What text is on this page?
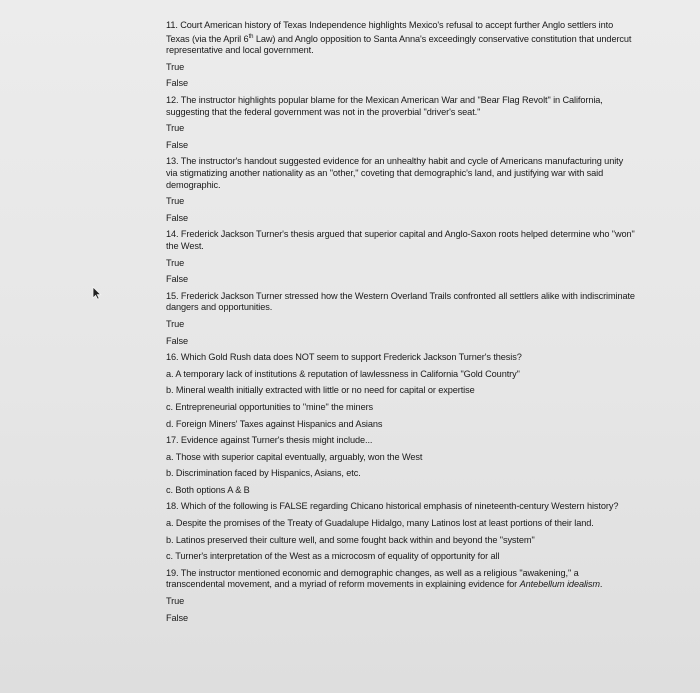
11. Court American history of Texas Independence highlights Mexico's refusal to accept further Anglo settlers into Texas (via the April 6th Law) and Anglo opposition to Santa Anna's exceedingly conservative constitution that undercut representative and local government.
True
False
12. The instructor highlights popular blame for the Mexican American War and "Bear Flag Revolt" in California, suggesting that the federal government was not in the proverbial "driver's seat."
True
False
13. The instructor's handout suggested evidence for an unhealthy habit and cycle of Americans manufacturing unity via stigmatizing another nationality as an "other," coveting that demographic's land, and justifying war with said demographic.
True
False
14. Frederick Jackson Turner's thesis argued that superior capital and Anglo-Saxon roots helped determine who "won" the West.
True
False
15. Frederick Jackson Turner stressed how the Western Overland Trails confronted all settlers alike with indiscriminate dangers and opportunities.
True
False
16. Which Gold Rush data does NOT seem to support Frederick Jackson Turner's thesis?
a. A temporary lack of institutions & reputation of lawlessness in California "Gold Country"
b. Mineral wealth initially extracted with little or no need for capital or expertise
c. Entrepreneurial opportunities to "mine" the miners
d. Foreign Miners' Taxes against Hispanics and Asians
17. Evidence against Turner's thesis might include...
a. Those with superior capital eventually, arguably, won the West
b. Discrimination faced by Hispanics, Asians, etc.
c. Both options A & B
18. Which of the following is FALSE regarding Chicano historical emphasis of nineteenth-century Western history?
a. Despite the promises of the Treaty of Guadalupe Hidalgo, many Latinos lost at least portions of their land.
b. Latinos preserved their culture well, and some fought back within and beyond the "system"
c. Turner's interpretation of the West as a microcosm of equality of opportunity for all
19. The instructor mentioned economic and demographic changes, as well as a religious "awakening," a transcendental movement, and a myriad of reform movements in explaining evidence for Antebellum idealism.
True
False
